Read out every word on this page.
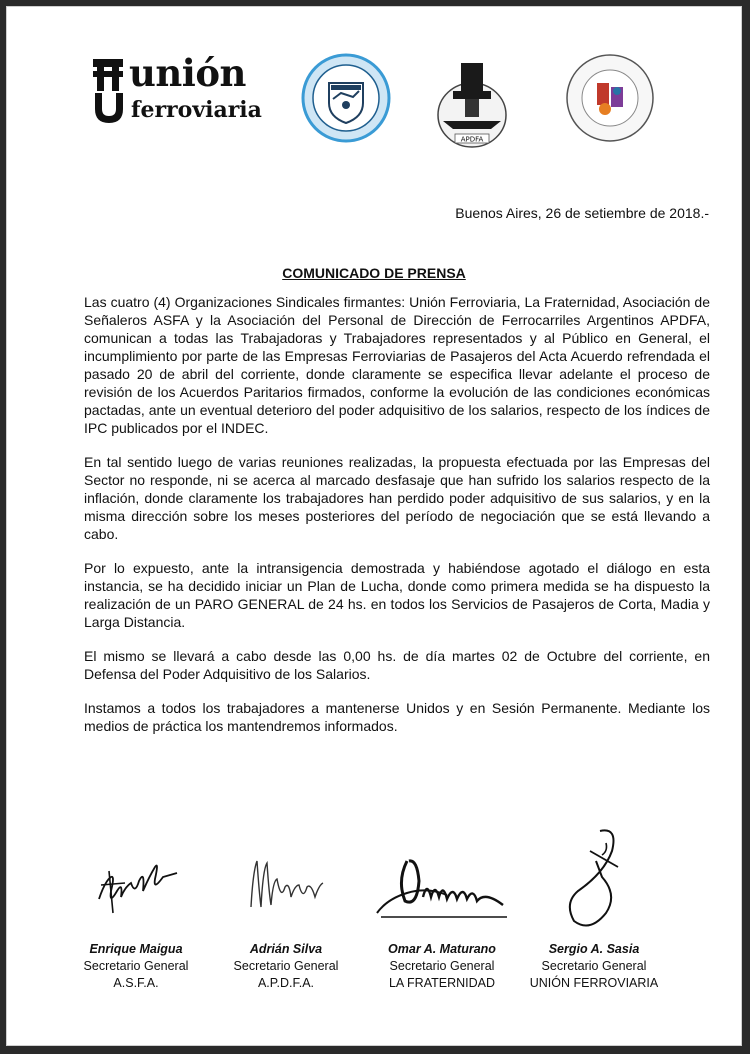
unión
ferroviaria
APDFA
Buenos Aires, 26 de setiembre de 2018.-
COMUNICADO DE PRENSA

Las cuatro (4) Organizaciones Sindicales firmantes: Unión Ferroviaria, La Fraternidad, Asociación de Señaleros ASFA y la Asociación del Personal de Dirección de Ferrocarriles Argentinos APDFA, comunican a todas las Trabajadoras y Trabajadores representados y al Público en General, el incumplimiento por parte de las Empresas Ferroviarias de Pasajeros del Acta Acuerdo refrendada el pasado 20 de abril del corriente, donde claramente se especifica llevar adelante el proceso de revisión de los Acuerdos Paritarios firmados, conforme la evolución de las condiciones económicas pactadas, ante un eventual deterioro del poder adquisitivo de los salarios, respecto de los índices de IPC publicados por el INDEC.

En tal sentido luego de varias reuniones realizadas, la propuesta efectuada por las Empresas del Sector no responde, ni se acerca al marcado desfasaje que han sufrido los salarios respecto de la inflación, donde claramente los trabajadores han perdido poder adquisitivo de sus salarios, y en la misma dirección sobre los meses posteriores del período de negociación que se está llevando a cabo.

Por lo expuesto, ante la intransigencia demostrada y habiéndose agotado el diálogo en esta instancia, se ha decidido iniciar un Plan de Lucha, donde como primera medida se ha dispuesto la realización de un PARO GENERAL de 24 hs. en todos los Servicios de Pasajeros de Corta, Madia y Larga Distancia.

El mismo se llevará a cabo desde las 0,00 hs. de día martes 02 de Octubre del corriente, en Defensa del Poder Adquisitivo de los Salarios.

Instamos a todos los trabajadores a mantenerse Unidos y en Sesión Permanente. Mediante los medios de práctica los mantendremos informados.

Enrique Maigua
Secretario General
A.S.F.A.
Adrián Silva
Secretario General
A.P.D.F.A.
Omar A. Maturano
Secretario General
LA FRATERNIDAD
Sergio A. Sasia
Secretario General
UNIÓN FERROVIARIA
